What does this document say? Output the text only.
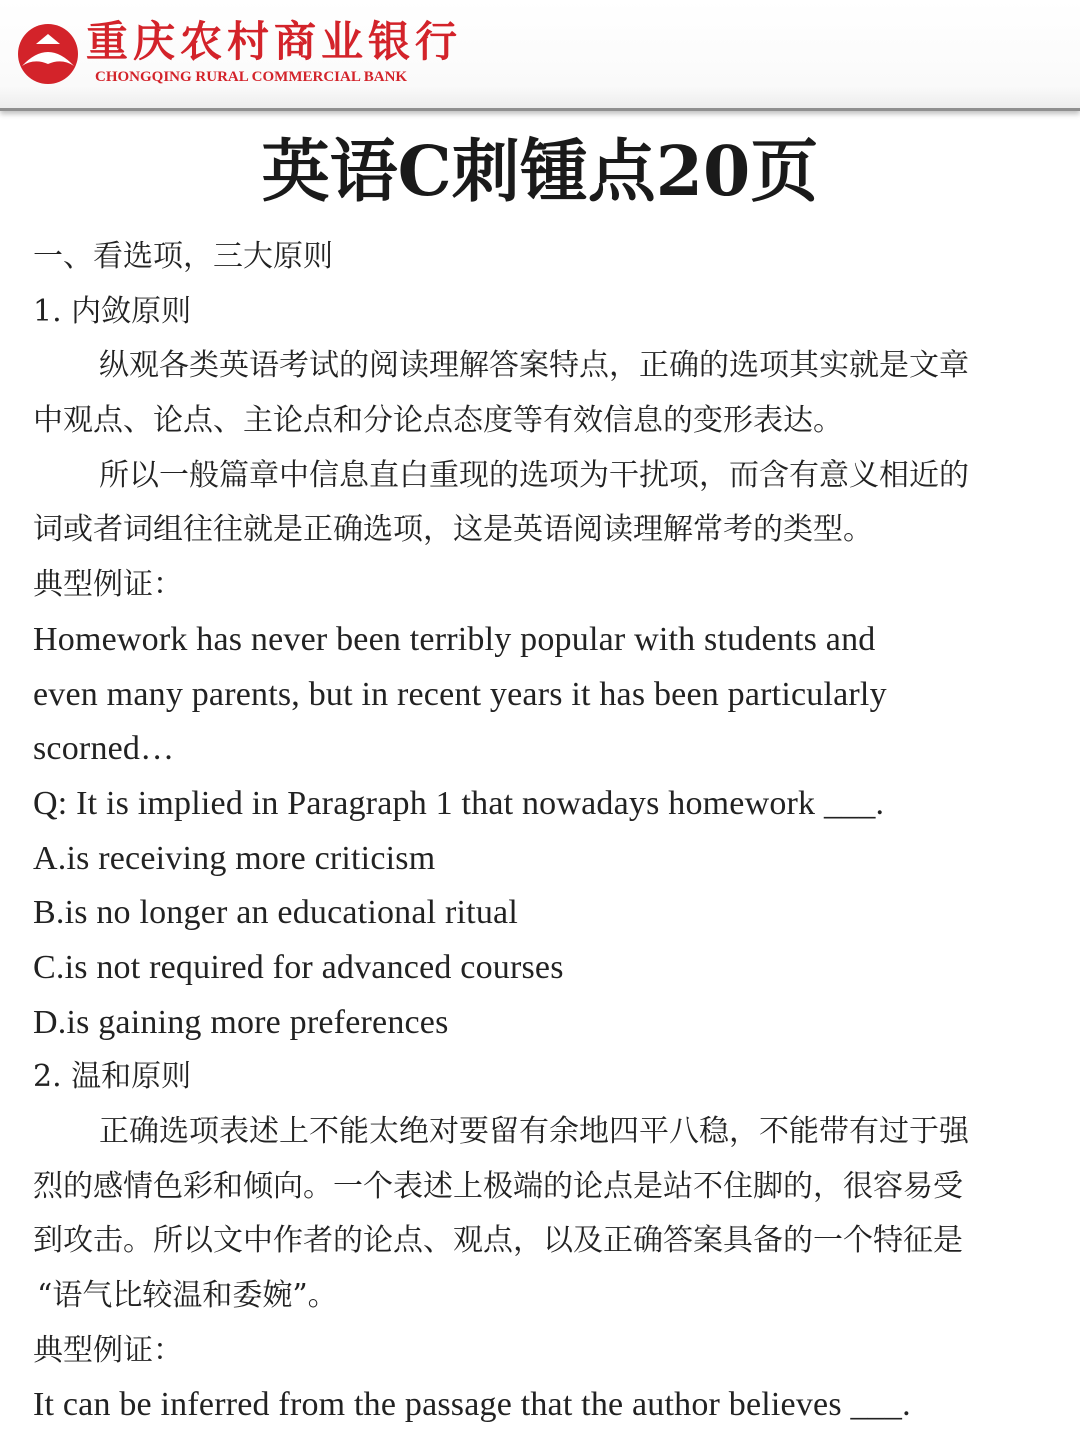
重庆农村商业银行
CHONGQING RURAL COMMERCIAL BANK
英语C刺锺点20页
一、看选项，三大原则
1. 内敛原则
纵观各类英语考试的阅读理解答案特点，正确的选项其实就是文章
中观点、论点、主论点和分论点态度等有效信息的变形表达。
所以一般篇章中信息直白重现的选项为干扰项，而含有意义相近的
词或者词组往往就是正确选项，这是英语阅读理解常考的类型。
典型例证：
Homework has never been terribly popular with students and
even many parents, but in recent years it has been particularly
scorned…
Q: It is implied in Paragraph 1 that nowadays homework ___.
A.is receiving more criticism
B.is no longer an educational ritual
C.is not required for advanced courses
D.is gaining more preferences
2. 温和原则
正确选项表述上不能太绝对要留有余地四平八稳，不能带有过于强
烈的感情色彩和倾向。一个表述上极端的论点是站不住脚的，很容易受
到攻击。所以文中作者的论点、观点，以及正确答案具备的一个特征是
“语气比较温和委婉”。
典型例证：
It can be inferred from the passage that the author believes ___.
